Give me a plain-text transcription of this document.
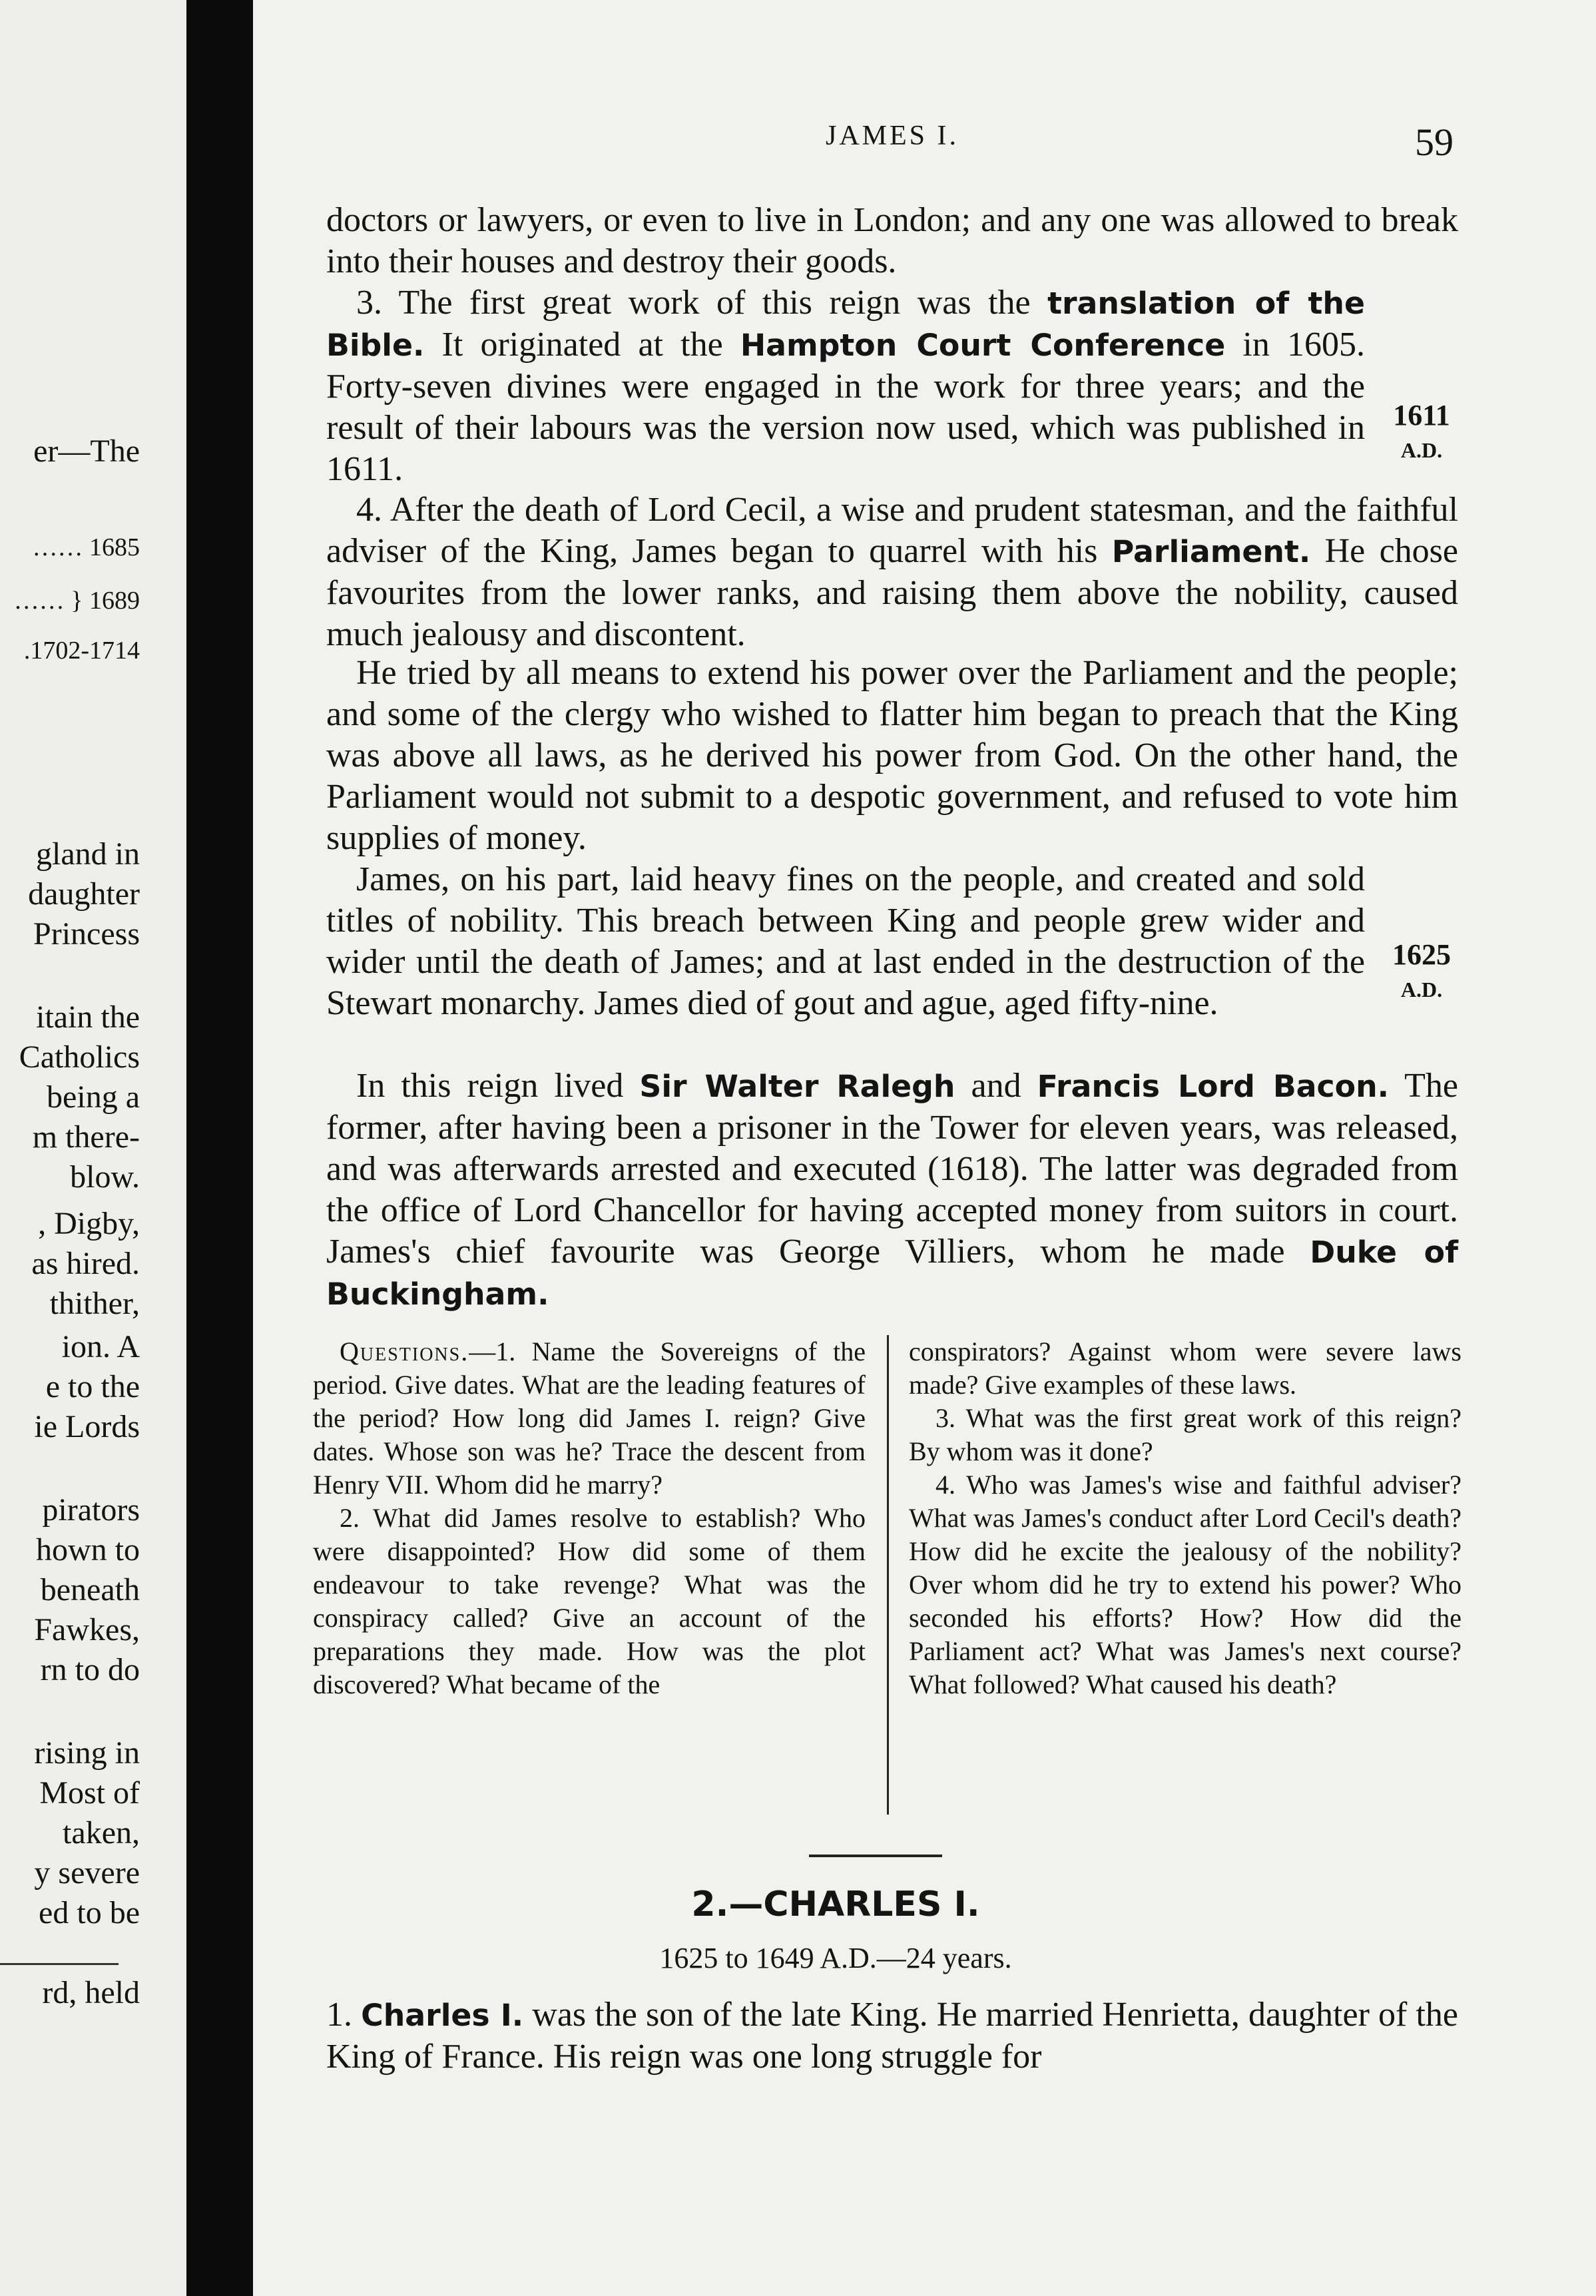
er—The
…… 1685
…… } 1689
.1702-1714
gland in
daughter
Princess
itain the
Catholics
being a
m there-
blow.
, Digby,
as hired.
thither,
ion. A
e to the
ie Lords
pirators
hown to
beneath
Fawkes,
rn to do
rising in
Most of
taken,
y severe
ed to be
rd, held
JAMES I.	59

doctors or lawyers, or even to live in London; and any one was allowed to break into their houses and destroy their goods.

3. The first great work of this reign was the translation of the Bible. It originated at the Hampton Court Conference in 1605. Forty-seven divines were engaged in the work for three years; and the result of their labours was the version now used, which was published in 1611.

1611
A.D.

4. After the death of Lord Cecil, a wise and prudent statesman, and the faithful adviser of the King, James began to quarrel with his Parliament. He chose favourites from the lower ranks, and raising them above the nobility, caused much jealousy and discontent.

He tried by all means to extend his power over the Parliament and the people; and some of the clergy who wished to flatter him began to preach that the King was above all laws, as he derived his power from God. On the other hand, the Parliament would not submit to a despotic government, and refused to vote him supplies of money.

James, on his part, laid heavy fines on the people, and created and sold titles of nobility. This breach between King and people grew wider and wider until the death of James; and at last ended in the destruction of the Stewart monarchy. James died of gout and ague, aged fifty-nine.

1625
A.D.

In this reign lived Sir Walter Ralegh and Francis Lord Bacon. The former, after having been a prisoner in the Tower for eleven years, was released, and was afterwards arrested and executed (1618). The latter was degraded from the office of Lord Chancellor for having accepted money from suitors in court. James's chief favourite was George Villiers, whom he made Duke of Buckingham.

Questions.—1. Name the Sovereigns of the period. Give dates. What are the leading features of the period? How long did James I. reign? Give dates. Whose son was he? Trace the descent from Henry VII. Whom did he marry?

2. What did James resolve to establish? Who were disappointed? How did some of them endeavour to take revenge? What was the conspiracy called? Give an account of the preparations they made. How was the plot discovered? What became of the

conspirators? Against whom were severe laws made? Give examples of these laws.

3. What was the first great work of this reign? By whom was it done?

4. Who was James's wise and faithful adviser? What was James's conduct after Lord Cecil's death? How did he excite the jealousy of the nobility? Over whom did he try to extend his power? Who seconded his efforts? How? How did the Parliament act? What was James's next course? What followed? What caused his death?

2.—CHARLES I.
1625 to 1649 A.D.—24 years.

1. Charles I. was the son of the late King. He married Henrietta, daughter of the King of France. His reign was one long struggle for
